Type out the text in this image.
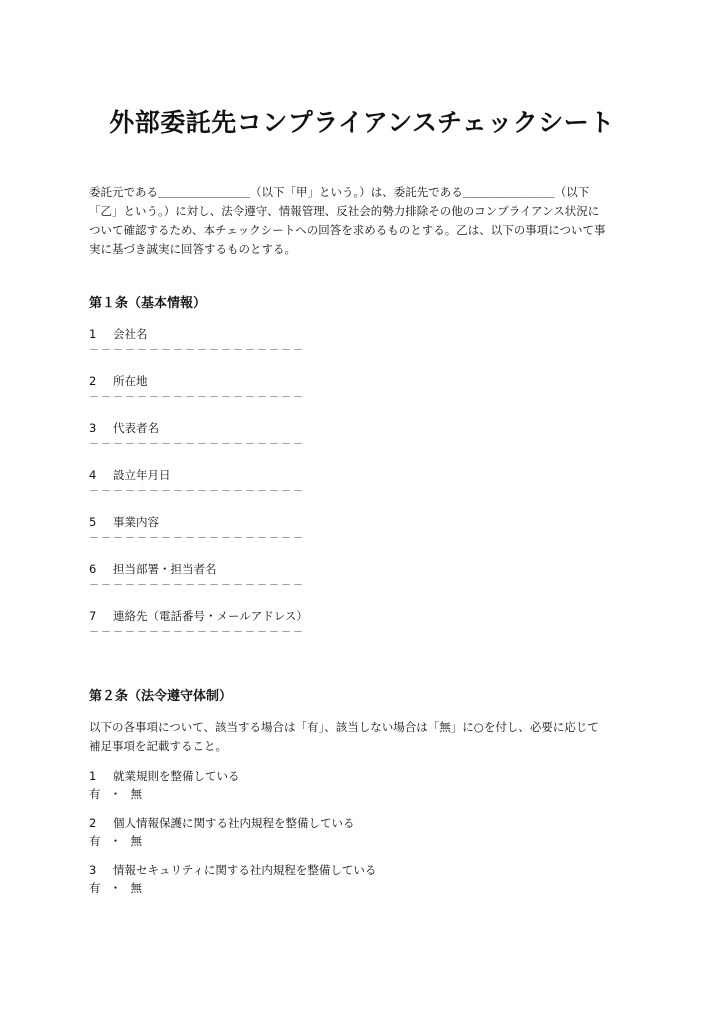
外部委託先コンプライアンスチェックシート

委託元である＿＿＿＿＿＿＿＿（以下「甲」という。）は、委託先である＿＿＿＿＿＿＿＿（以下
「乙」という。）に対し、法令遵守、情報管理、反社会的勢力排除その他のコンプライアンス状況に
ついて確認するため、本チェックシートへの回答を求めるものとする。乙は、以下の事項について事
実に基づき誠実に回答するものとする。

第１条（基本情報）
1 会社名
－－－－－－－－－－－－－－－－－－
2 所在地
－－－－－－－－－－－－－－－－－－
3 代表者名
－－－－－－－－－－－－－－－－－－
4 設立年月日
－－－－－－－－－－－－－－－－－－
5 事業内容
－－－－－－－－－－－－－－－－－－
6 担当部署・担当者名
－－－－－－－－－－－－－－－－－－
7 連絡先（電話番号・メールアドレス）
－－－－－－－－－－－－－－－－－－
第２条（法令遵守体制）

以下の各事項について、該当する場合は「有」、該当しない場合は「無」に○を付し、必要に応じて
補足事項を記載すること。

1 就業規則を整備している
有 ・ 無
2 個人情報保護に関する社内規程を整備している
有 ・ 無
3 情報セキュリティに関する社内規程を整備している
有 ・ 無
